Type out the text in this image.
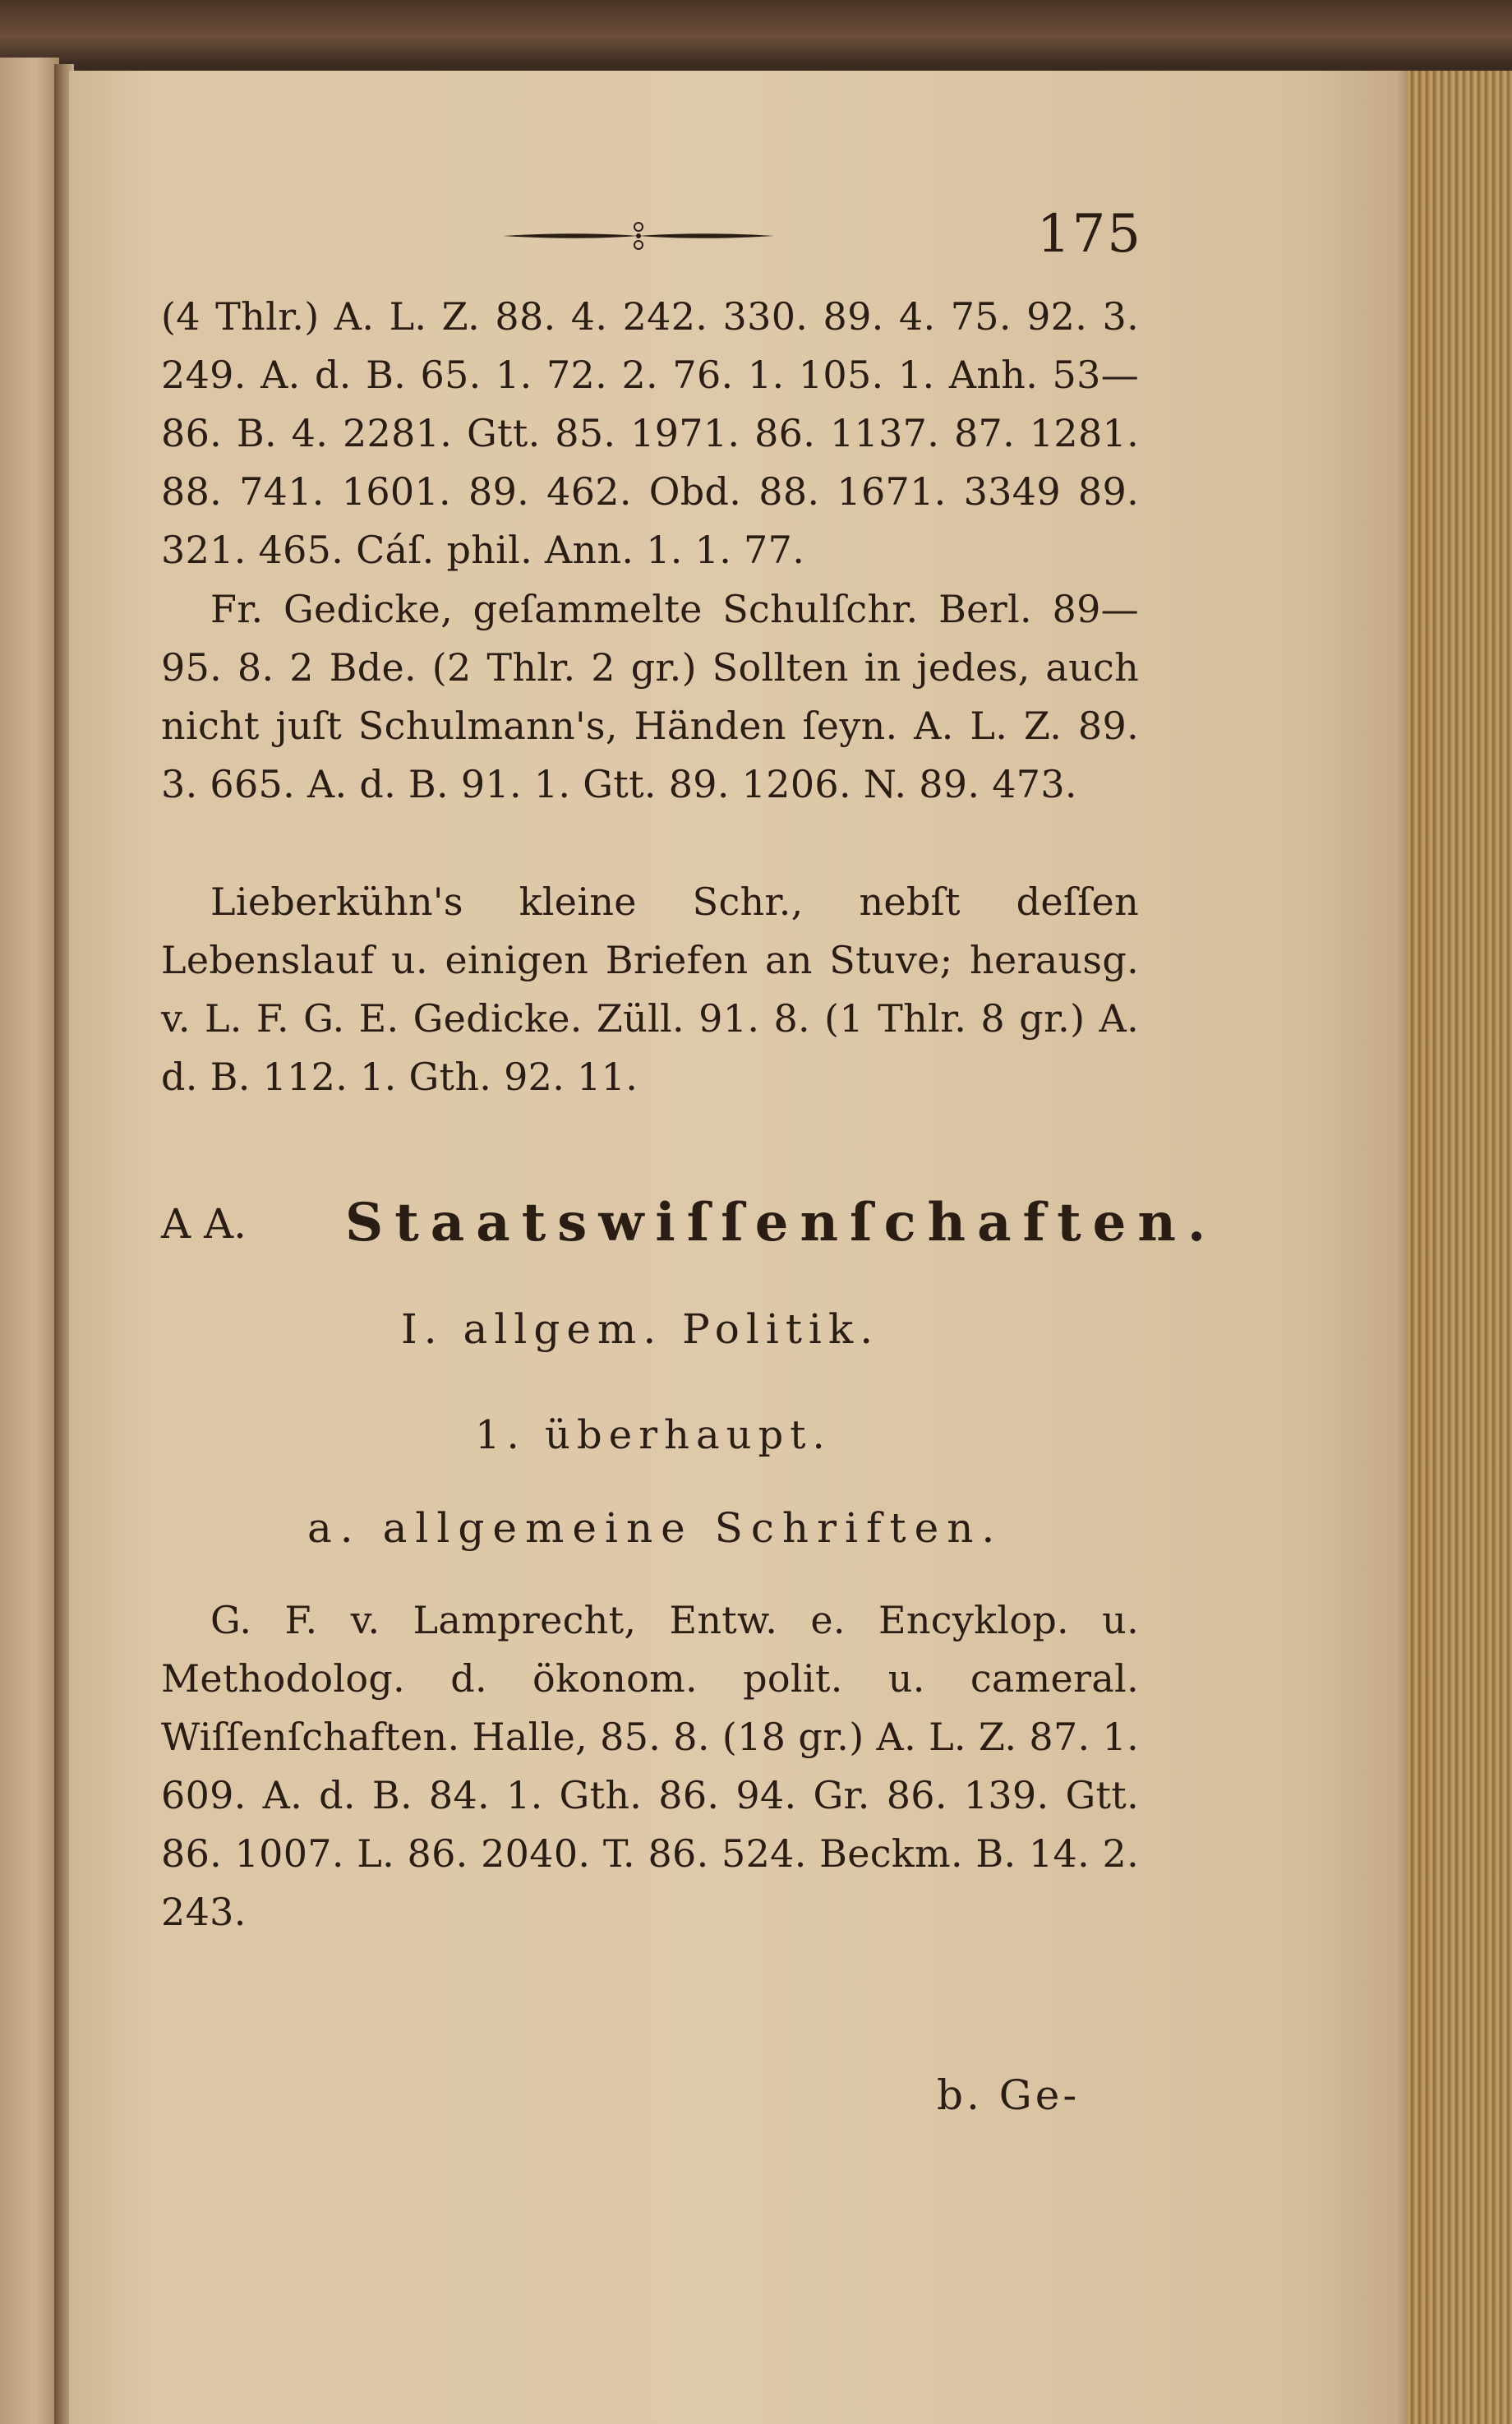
175
(4 Thlr.) A. L. Z. 88. 4. 242. 330. 89. 4. 75. 92. 3. 249. A. d. B. 65. 1. 72. 2. 76. 1. 105. 1. Anh. 53—86. B. 4. 2281. Gtt. 85. 1971. 86. 1137. 87. 1281. 88. 741. 1601. 89. 462. Obd. 88. 1671. 3349 89. 321. 465. Cáſ. phil. Ann. 1. 1. 77.
Fr. Gedicke, geſammelte Schulſchr. Berl. 89—95. 8. 2 Bde. (2 Thlr. 2 gr.) Sollten in jedes, auch nicht juſt Schulmann's, Händen ſeyn. A. L. Z. 89. 3. 665. A. d. B. 91. 1. Gtt. 89. 1206. N. 89. 473.
Lieberkühn's kleine Schr., nebſt deſſen Lebenslauf u. einigen Briefen an Stuve; herausg. v. L. F. G. E. Gedicke. Züll. 91. 8. (1 Thlr. 8 gr.) A. d. B. 112. 1. Gth. 92. 11.
A A. Staatswiſſenſchaften.
I. allgem. Politik.
1. überhaupt.
a. allgemeine Schriften.
G. F. v. Lamprecht, Entw. e. Encyklop. u. Methodolog. d. ökonom. polit. u. cameral. Wiſſenſchaften. Halle, 85. 8. (18 gr.) A. L. Z. 87. 1. 609. A. d. B. 84. 1. Gth. 86. 94. Gr. 86. 139. Gtt. 86. 1007. L. 86. 2040. T. 86. 524. Beckm. B. 14. 2. 243.
b. Ge-
